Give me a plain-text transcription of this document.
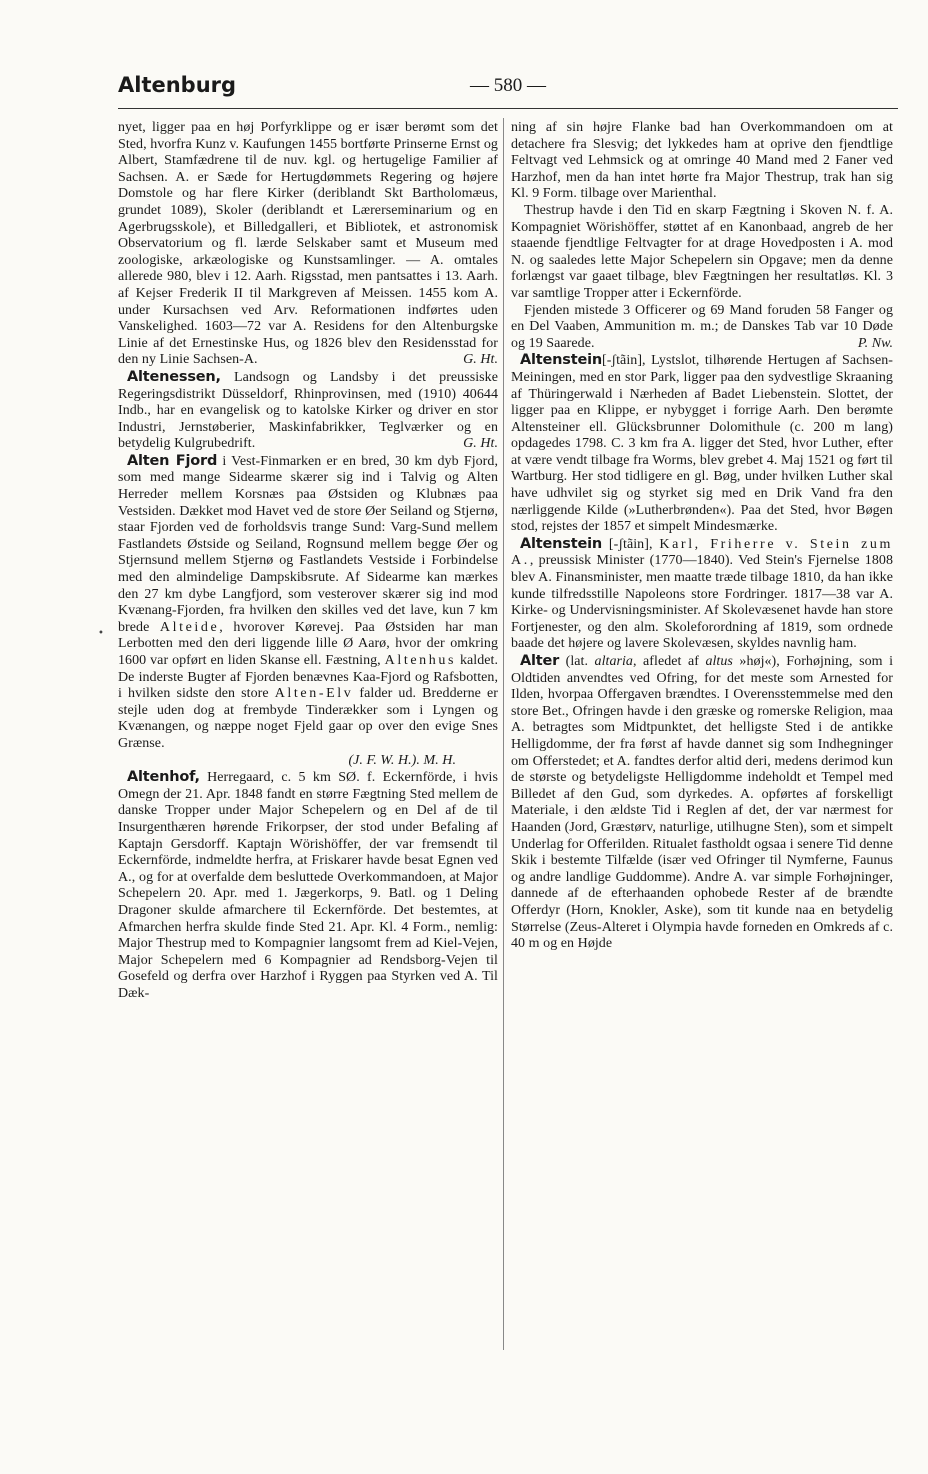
Altenburg	— 580 —
•

nyet, ligger paa en høj Porfyrklippe og er især berømt som det Sted, hvorfra Kunz v. Kaufungen 1455 bortførte Prinserne Ernst og Albert, Stamfædrene til de nuv. kgl. og hertugelige Familier af Sachsen. A. er Sæde for Hertugdømmets Regering og højere Domstole og har flere Kirker (deriblandt Skt Bartholomæus, grundet 1089), Skoler (deriblandt et Lærerseminarium og en Agerbrugsskole), et Billedgalleri, et Bibliotek, et astronomisk Observatorium og fl. lærde Selskaber samt et Museum med zoologiske, arkæologiske og Kunstsamlinger. — A. omtales allerede 980, blev i 12. Aarh. Rigsstad, men pantsattes i 13. Aarh. af Kejser Frederik II til Markgreven af Meissen. 1455 kom A. under Kursachsen ved Arv. Reformationen indførtes uden Vanskelighed. 1603—72 var A. Residens for den Altenburgske Linie af det Ernestinske Hus, og 1826 blev den Residensstad for den ny Linie Sachsen-A.	G. Ht.

Altenessen, Landsogn og Landsby i det preussiske Regeringsdistrikt Düsseldorf, Rhinprovinsen, med (1910) 40644 Indb., har en evangelisk og to katolske Kirker og driver en stor Industri, Jernstøberier, Maskinfabrikker, Teglværker og en betydelig Kulgrubedrift.	G. Ht.

Alten Fjord i Vest-Finmarken er en bred, 30 km dyb Fjord, som med mange Sidearme skærer sig ind i Talvig og Alten Herreder mellem Korsnæs paa Østsiden og Klubnæs paa Vestsiden. Dækket mod Havet ved de store Øer Seiland og Stjernø, staar Fjorden ved de forholdsvis trange Sund: Varg-Sund mellem Fastlandets Østside og Seiland, Rognsund mellem begge Øer og Stjernsund mellem Stjernø og Fastlandets Vestside i Forbindelse med den almindelige Dampskibsrute. Af Sidearme kan mærkes den 27 km dybe Langfjord, som vesterover skærer sig ind mod Kvænang-Fjorden, fra hvilken den skilles ved det lave, kun 7 km brede Alteide, hvorover Kørevej. Paa Østsiden har man Lerbotten med den deri liggende lille Ø Aarø, hvor der omkring 1600 var opført en liden Skanse ell. Fæstning, Altenhus kaldet. De inderste Bugter af Fjorden benævnes Kaa-Fjord og Rafsbotten, i hvilken sidste den store Alten-Elv falder ud. Bredderne er stejle uden dog at frembyde Tinderækker som i Lyngen og Kvænangen, og næppe noget Fjeld gaar op over den evige Snes Grænse.

(J. F. W. H.). M. H.

Altenhof, Herregaard, c. 5 km SØ. f. Eckernförde, i hvis Omegn der 21. Apr. 1848 fandt en større Fægtning Sted mellem de danske Tropper under Major Schepelern og en Del af de til Insurgenthæren hørende Frikorpser, der stod under Befaling af Kaptajn Gersdorff. Kaptajn Wörishöffer, der var fremsendt til Eckernförde, indmeldte herfra, at Friskarer havde besat Egnen ved A., og for at overfalde dem besluttede Overkommandoen, at Major Schepelern 20. Apr. med 1. Jægerkorps, 9. Batl. og 1 Deling Dragoner skulde afmarchere til Eckernförde. Det bestemtes, at Afmarchen herfra skulde finde Sted 21. Apr. Kl. 4 Form., nemlig: Major Thestrup med to Kompagnier langsomt frem ad Kiel-Vejen, Major Schepelern med 6 Kompagnier ad Rendsborg-Vejen til Gosefeld og derfra over Harzhof i Ryggen paa Styrken ved A. Til Dæk-

ning af sin højre Flanke bad han Overkommandoen om at detachere fra Slesvig; det lykkedes ham at oprive den fjendtlige Feltvagt ved Lehmsick og at omringe 40 Mand med 2 Faner ved Harzhof, men da han intet hørte fra Major Thestrup, trak han sig Kl. 9 Form. tilbage over Marienthal.

Thestrup havde i den Tid en skarp Fægtning i Skoven N. f. A. Kompagniet Wörishöffer, støttet af en Kanonbaad, angreb de her staaende fjendtlige Feltvagter for at drage Hovedposten i A. mod N. og saaledes lette Major Schepelern sin Opgave; men da denne forlængst var gaaet tilbage, blev Fægtningen her resultatløs. Kl. 3 var samtlige Tropper atter i Eckernförde.

Fjenden mistede 3 Officerer og 69 Mand foruden 58 Fanger og en Del Vaaben, Ammunition m. m.; de Danskes Tab var 10 Døde og 19 Saarede.	P. Nw.

Altenstein[-ʃtãin], Lystslot, tilhørende Hertugen af Sachsen-Meiningen, med en stor Park, ligger paa den sydvestlige Skraaning af Thüringerwald i Nærheden af Badet Liebenstein. Slottet, der ligger paa en Klippe, er nybygget i forrige Aarh. Den berømte Altensteiner ell. Glücksbrunner Dolomithule (c. 200 m lang) opdagedes 1798. C. 3 km fra A. ligger det Sted, hvor Luther, efter at være vendt tilbage fra Worms, blev grebet 4. Maj 1521 og ført til Wartburg. Her stod tidligere en gl. Bøg, under hvilken Luther skal have udhvilet sig og styrket sig med en Drik Vand fra den nærliggende Kilde (»Lutherbrønden«). Paa det Sted, hvor Bøgen stod, rejstes der 1857 et simpelt Mindesmærke.

Altenstein [-ʃtãin], Karl, Friherre v. Stein zum A., preussisk Minister (1770—1840). Ved Stein's Fjernelse 1808 blev A. Finansminister, men maatte træde tilbage 1810, da han ikke kunde tilfredsstille Napoleons store Fordringer. 1817—38 var A. Kirke- og Undervisningsminister. Af Skolevæsenet havde han store Fortjenester, og den alm. Skoleforordning af 1819, som ordnede baade det højere og lavere Skolevæsen, skyldes navnlig ham.

Alter (lat. altaria, afledet af altus »høj«), Forhøjning, som i Oldtiden anvendtes ved Ofring, for det meste som Arnested for Ilden, hvorpaa Offergaven brændtes. I Overensstemmelse med den store Bet., Ofringen havde i den græske og romerske Religion, maa A. betragtes som Midtpunktet, det helligste Sted i de antikke Helligdomme, der fra først af havde dannet sig som Indhegninger om Offerstedet; et A. fandtes derfor altid deri, medens derimod kun de største og betydeligste Helligdomme indeholdt et Tempel med Billedet af den Gud, som dyrkedes. A. opførtes af forskelligt Materiale, i den ældste Tid i Reglen af det, der var nærmest for Haanden (Jord, Græstørv, naturlige, utilhugne Sten), som et simpelt Underlag for Offerilden. Ritualet fastholdt ogsaa i senere Tid denne Skik i bestemte Tilfælde (især ved Ofringer til Nymferne, Faunus og andre landlige Guddomme). Andre A. var simple Forhøjninger, dannede af de efterhaanden ophobede Rester af de brændte Offerdyr (Horn, Knokler, Aske), som tit kunde naa en betydelig Størrelse (Zeus-Alteret i Olympia havde forneden en Omkreds af c. 40 m og en Højde
